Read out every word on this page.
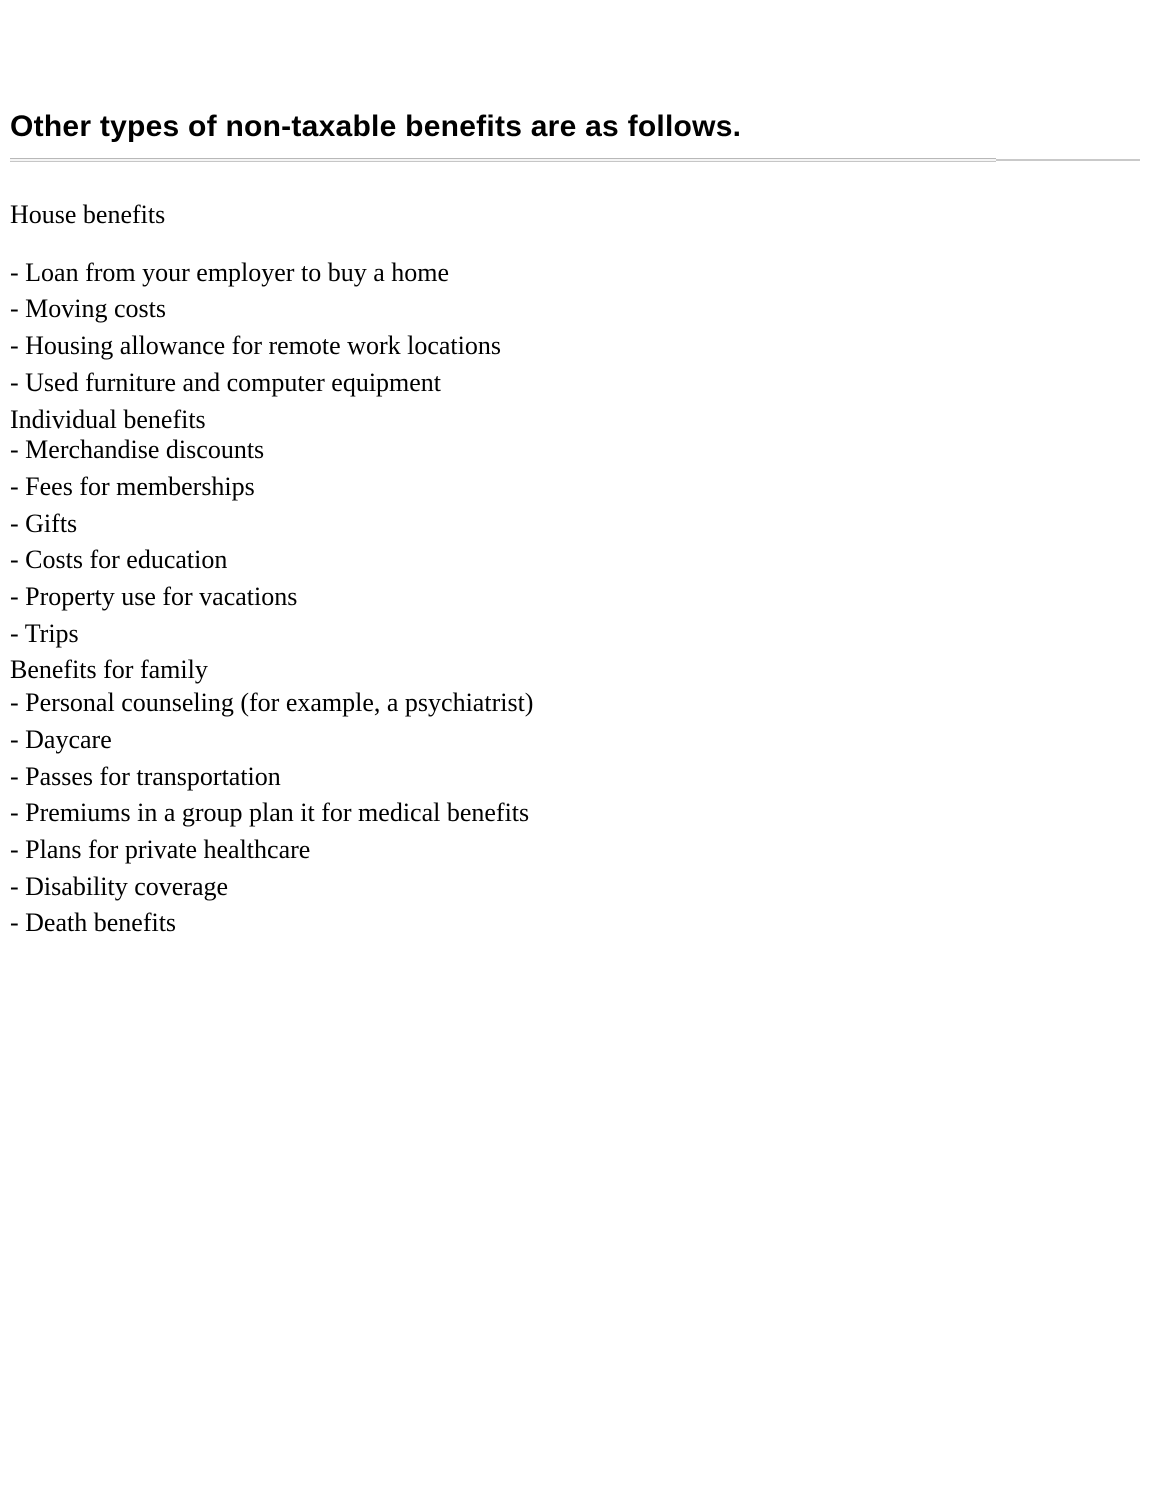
Other types of non-taxable benefits are as follows.

House benefits

- Loan from your employer to buy a home
- Moving costs
- Housing allowance for remote work locations
- Used furniture and computer equipment
Individual benefits
- Merchandise discounts
- Fees for memberships
- Gifts
- Costs for education
- Property use for vacations
- Trips
Benefits for family
- Personal counseling (for example, a psychiatrist)
- Daycare
- Passes for transportation
- Premiums in a group plan it for medical benefits
- Plans for private healthcare
- Disability coverage
- Death benefits
